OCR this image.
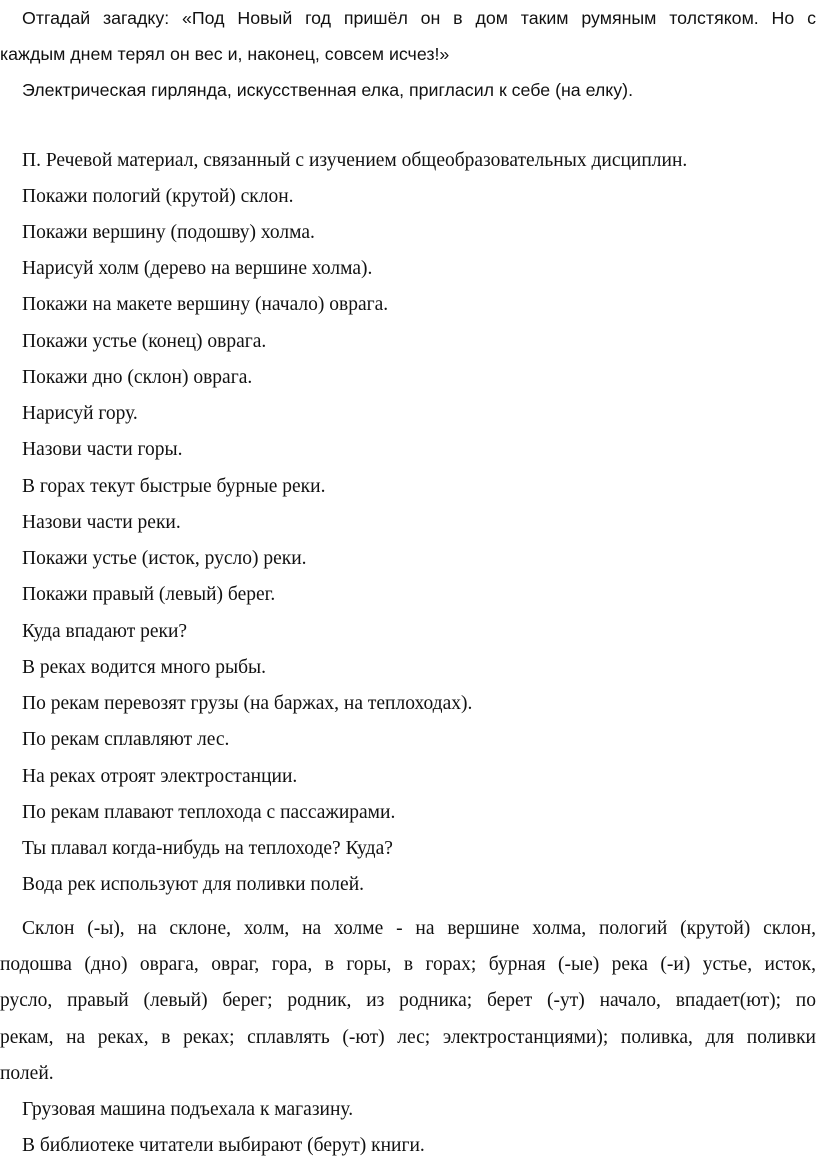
Отгадай загадку: «Под Новый год пришёл он в дом таким румяным толстяком. Но с

каждым днем терял он вес и, наконец, совсем исчез!»

Электрическая гирлянда, искусственная елка, пригласил к себе (на елку).

П. Речевой материал, связанный с изучением общеобразовательных дисциплин.

Покажи пологий (крутой) склон.

Покажи вершину (подошву) холма.

Нарисуй холм (дерево на вершине холма).

Покажи на макете вершину (начало) оврага.

Покажи устье (конец) оврага.

Покажи дно (склон) оврага.

Нарисуй гору.

Назови части горы.

В горах текут быстрые бурные реки.

Назови части реки.

Покажи устье (исток, русло) реки.

Покажи правый (левый) берег.

Куда впадают реки?

В реках водится много рыбы.

По рекам перевозят грузы (на баржах, на теплоходах).

По рекам сплавляют лес.

На реках отроят электростанции.

По рекам плавают теплохода с пассажирами.

Ты плавал когда-нибудь на теплоходе? Куда?

Вода рек используют для поливки полей.

Склон (-ы), на склоне, холм, на холме - на вершине холма, пологий (крутой) склон,

подошва (дно) оврага, овраг, гора, в горы, в горах; бурная (-ые) река (-и) устье, исток,

русло, правый (левый) берег; родник, из родника; берет (-ут) начало, впадает(ют); по

рекам, на реках, в реках; сплавлять (-ют) лес; электростанциями); поливка, для поливки

полей.

Грузовая машина подъехала к магазину.

В библиотеке читатели выбирают (берут) книги.
